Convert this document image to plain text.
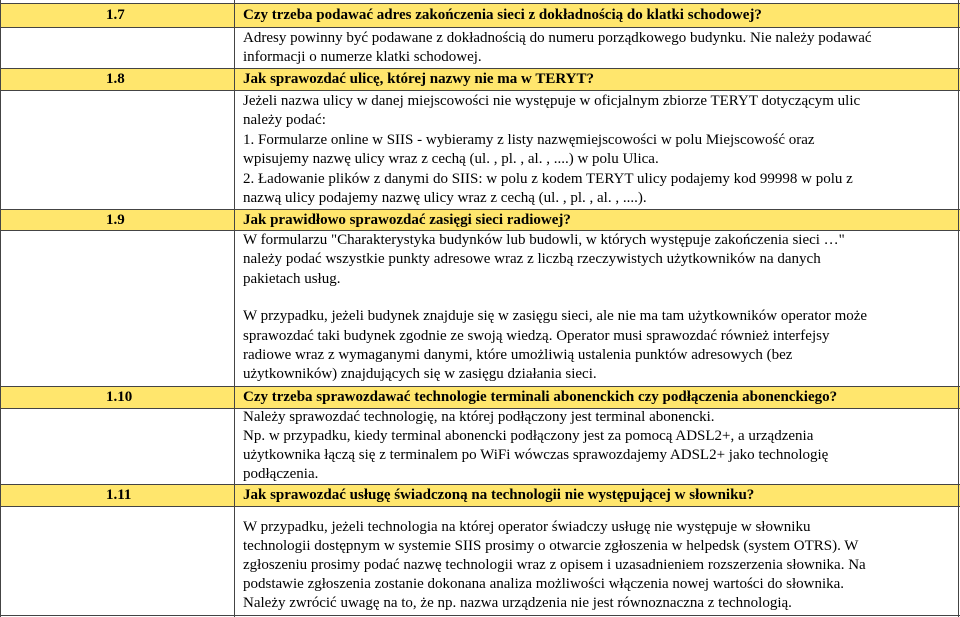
1.7	Czy trzeba podawać adres zakończenia sieci z dokładnością do klatki schodowej?
Adresy powinny być podawane z dokładnością do numeru porządkowego budynku. Nie należy podawać
informacji o numerze klatki schodowej.
1.8	Jak sprawozdać ulicę, której nazwy nie ma w TERYT?
Jeżeli nazwa ulicy w danej miejscowości nie występuje w oficjalnym zbiorze TERYT dotyczącym ulic
należy podać:
1. Formularze online w SIIS - wybieramy z listy nazwęmiejscowości w polu Miejscowość oraz
wpisujemy nazwę ulicy wraz z cechą (ul. , pl. , al. , ....) w polu Ulica.
2. Ładowanie plików z danymi do SIIS: w polu z kodem TERYT ulicy podajemy kod 99998 w polu z
nazwą ulicy podajemy nazwę ulicy wraz z cechą (ul. , pl. , al. , ....).
1.9	Jak prawidłowo sprawozdać zasięgi sieci radiowej?
W formularzu "Charakterystyka budynków lub budowli, w których występuje zakończenia sieci …"
należy podać wszystkie punkty adresowe wraz z liczbą rzeczywistych użytkowników na danych
pakietach usług.
W przypadku, jeżeli budynek znajduje się w zasięgu sieci, ale nie ma tam użytkowników operator może
sprawozdać taki budynek zgodnie ze swoją wiedzą. Operator musi sprawozdać również interfejsy
radiowe wraz z wymaganymi danymi, które umożliwią ustalenia punktów adresowych (bez
użytkowników) znajdujących się w zasięgu działania sieci.
1.10	Czy trzeba sprawozdawać technologie terminali abonenckich czy podłączenia abonenckiego?
Należy sprawozdać technologię, na której podłączony jest terminal abonencki.
Np. w przypadku, kiedy terminal abonencki podłączony jest za pomocą ADSL2+, a urządzenia
użytkownika łączą się z terminalem po WiFi wówczas sprawozdajemy ADSL2+ jako technologię
podłączenia.
1.11	Jak sprawozdać usługę świadczoną na technologii nie występującej w słowniku?
W przypadku, jeżeli technologia na której operator świadczy usługę nie występuje w słowniku
technologii dostępnym w systemie SIIS prosimy o otwarcie zgłoszenia w helpedsk (system OTRS). W
zgłoszeniu prosimy podać nazwę technologii wraz z opisem i uzasadnieniem rozszerzenia słownika. Na
podstawie zgłoszenia zostanie dokonana analiza możliwości włączenia nowej wartości do słownika.
Należy zwrócić uwagę na to, że np. nazwa urządzenia nie jest równoznaczna z technologią.
